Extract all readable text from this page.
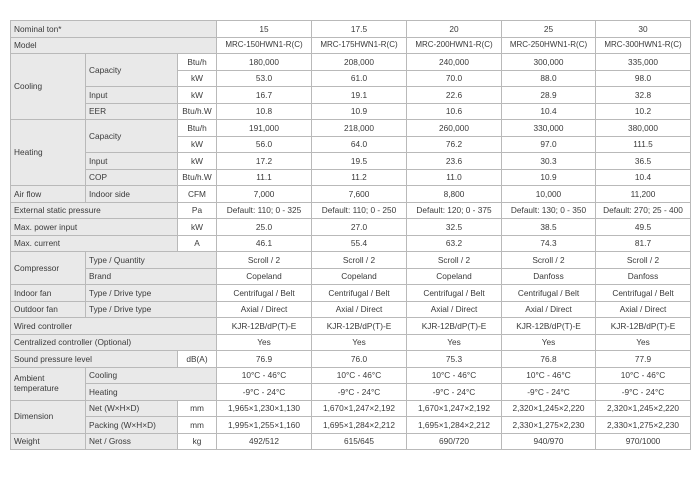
Nominal ton*			15	17.5	20	25	30
Model			MRC-150HWN1-R(C)	MRC-175HWN1-R(C)	MRC-200HWN1-R(C)	MRC-250HWN1-R(C)	MRC-300HWN1-R(C)
Cooling	Capacity	Btu/h	180,000	208,000	240,000	300,000	335,000
		kW	53.0	61.0	70.0	88.0	98.0
	Input	kW	16.7	19.1	22.6	28.9	32.8
	EER	Btu/h.W	10.8	10.9	10.6	10.4	10.2
Heating	Capacity	Btu/h	191,000	218,000	260,000	330,000	380,000
		kW	56.0	64.0	76.2	97.0	111.5
	Input	kW	17.2	19.5	23.6	30.3	36.5
	COP	Btu/h.W	11.1	11.2	11.0	10.9	10.4
Air flow	Indoor side	CFM	7,000	7,600	8,800	10,000	11,200
External static pressure		Pa	Default: 110; 0 - 325	Default: 110; 0 - 250	Default: 120; 0 - 375	Default: 130; 0 - 350	Default: 270; 25 - 400
Max. power input		kW	25.0	27.0	32.5	38.5	49.5
Max. current		A	46.1	55.4	63.2	74.3	81.7
Compressor	Type / Quantity		Scroll / 2	Scroll / 2	Scroll / 2	Scroll / 2	Scroll / 2
	Brand		Copeland	Copeland	Copeland	Danfoss	Danfoss
Indoor fan	Type / Drive type		Centrifugal / Belt	Centrifugal / Belt	Centrifugal / Belt	Centrifugal / Belt	Centrifugal / Belt
Outdoor fan	Type / Drive type		Axial / Direct	Axial / Direct	Axial / Direct	Axial / Direct	Axial / Direct
Wired controller			KJR-12B/dP(T)-E	KJR-12B/dP(T)-E	KJR-12B/dP(T)-E	KJR-12B/dP(T)-E	KJR-12B/dP(T)-E
Centralized controller (Optional)			Yes	Yes	Yes	Yes	Yes
Sound pressure level		dB(A)	76.9	76.0	75.3	76.8	77.9
Ambient temperature	Cooling		10°C - 46°C	10°C - 46°C	10°C - 46°C	10°C - 46°C	10°C - 46°C
	Heating		-9°C - 24°C	-9°C - 24°C	-9°C - 24°C	-9°C - 24°C	-9°C - 24°C
Dimension	Net (W×H×D)	mm	1,965×1,230×1,130	1,670×1,247×2,192	1,670×1,247×2,192	2,320×1,245×2,220	2,320×1,245×2,220
	Packing (W×H×D)	mm	1,995×1,255×1,160	1,695×1,284×2,212	1,695×1,284×2,212	2,330×1,275×2,230	2,330×1,275×2,230
Weight	Net / Gross	kg	492/512	615/645	690/720	940/970	970/1000
